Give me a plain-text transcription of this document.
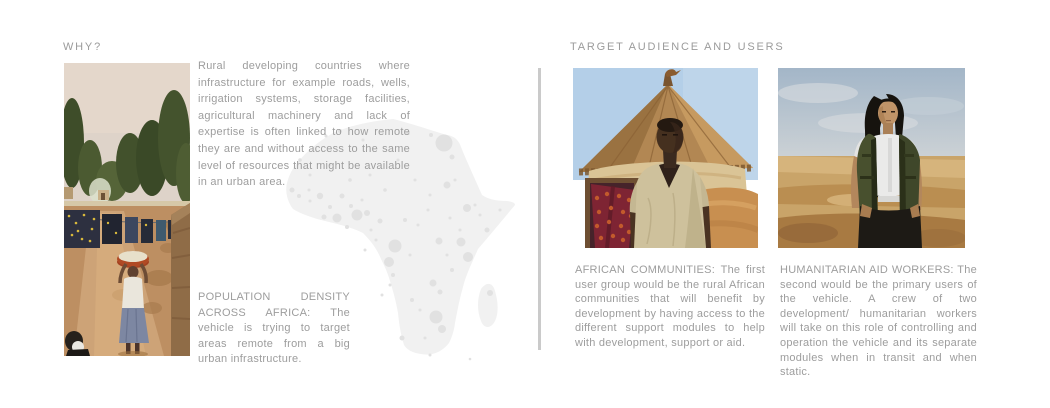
WHY?

Rural developing countries where infrastructure for example roads, wells, irrigation systems, storage facilities, agricultural machinery and lack of expertise is often linked to how remote they are and without access to the same level of resources that might be available in an urban area.

POPULATION DENSITY ACROSS AFRICA: The vehicle is trying to target areas remote from a big urban infrastructure.

TARGET AUDIENCE AND USERS

AFRICAN COMMUNITIES: The first user group would be the rural African communities that will benefit by development by having access to the different support modules to help with development, support or aid.

HUMANITARIAN AID WORKERS: The second would be the primary users of the vehicle. A crew of two development/ humanitarian workers will take on this role of controlling and operation the vehicle and its separate modules when in transit and when static.
